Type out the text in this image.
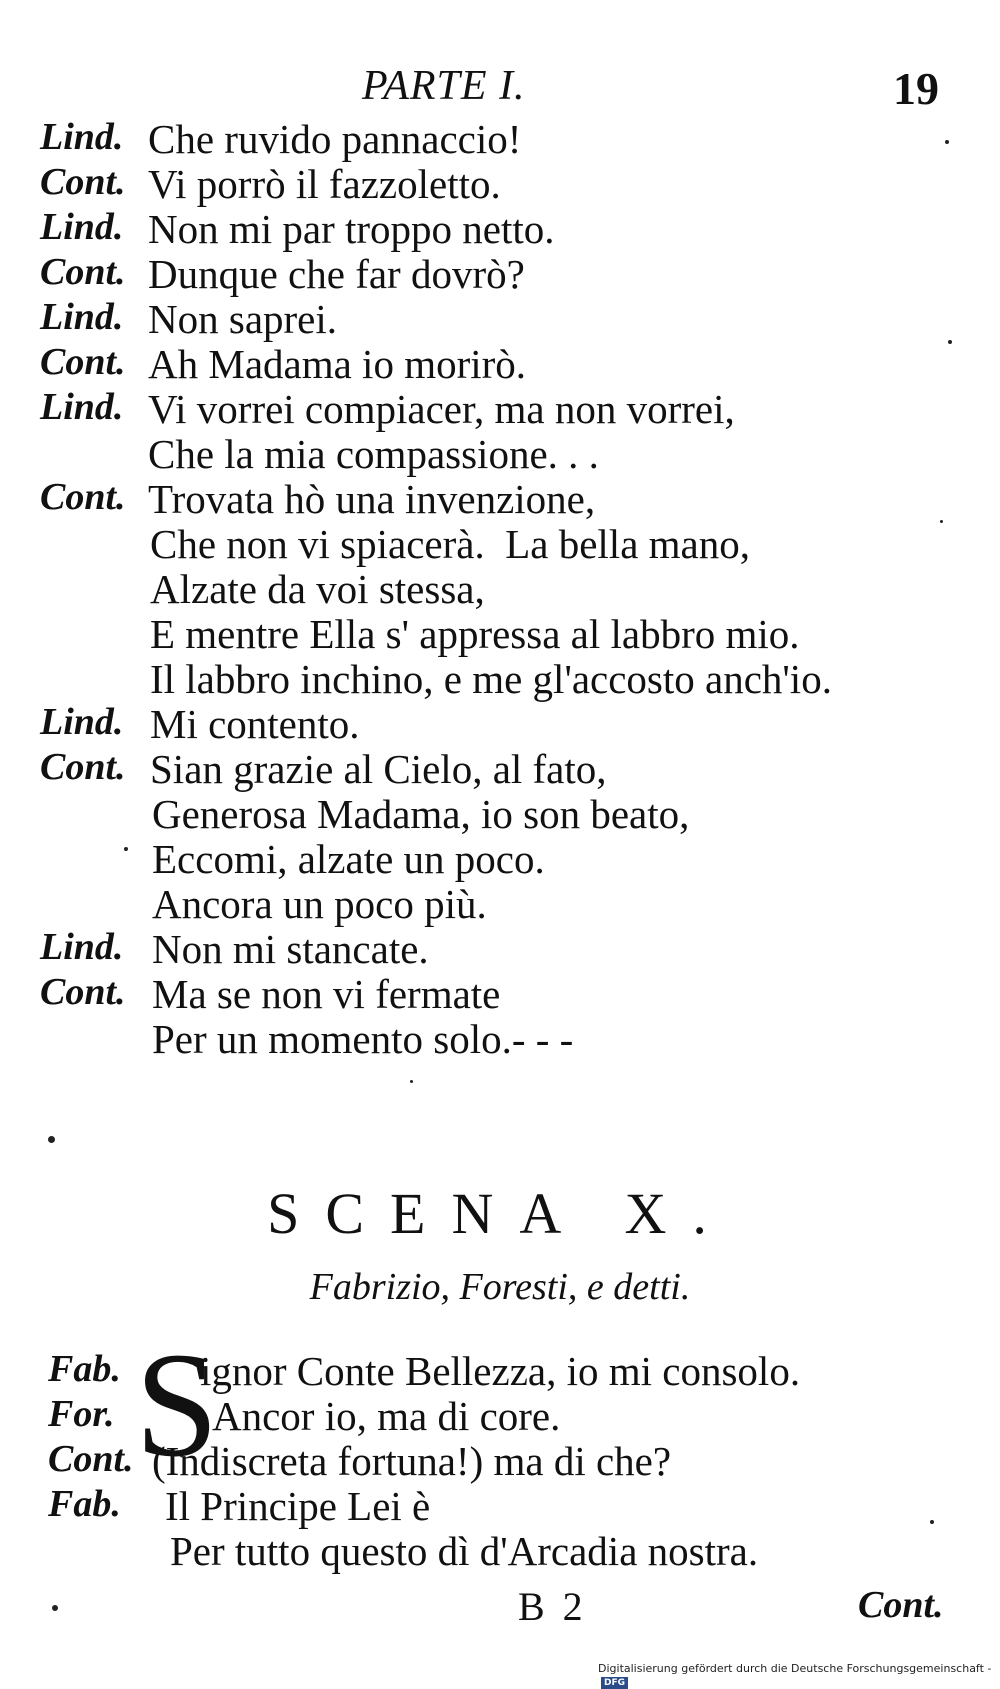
PARTE I.	19
Lind. Che ruvido pannaccio!
Cont. Vi porrò il fazzoletto.
Lind. Non mi par troppo netto.
Cont. Dunque che far dovrò?
Lind. Non saprei.
Cont. Ah Madama io morirò.
Lind. Vi vorrei compiacer, ma non vorrei,
Che la mia compassione. . .
Cont. Trovata hò una invenzione,
Che non vi spiacerà.  La bella mano,
Alzate da voi stessa,
E mentre Ella s' appressa al labbro mio.
Il labbro inchino, e me gl'accosto anch'io.
Lind. Mi contento.
Cont. Sian grazie al Cielo, al fato,
Generosa Madama, io son beato,
Eccomi, alzate un poco.
Ancora un poco più.
Lind. Non mi stancate.
Cont. Ma se non vi fermate
Per un momento solo.- - -
SCENA X.
Fabrizio, Foresti, e detti.
S
Fab. ignor Conte Bellezza, io mi consolo.
For. Ancor io, ma di core.
Cont. (Indiscreta fortuna!) ma di che?
Fab. Il Principe Lei è
Per tutto questo dì d'Arcadia nostra.
B 2	Cont.
Digitalisierung gefördert durch die Deutsche Forschungsgemeinschaft -DFG
